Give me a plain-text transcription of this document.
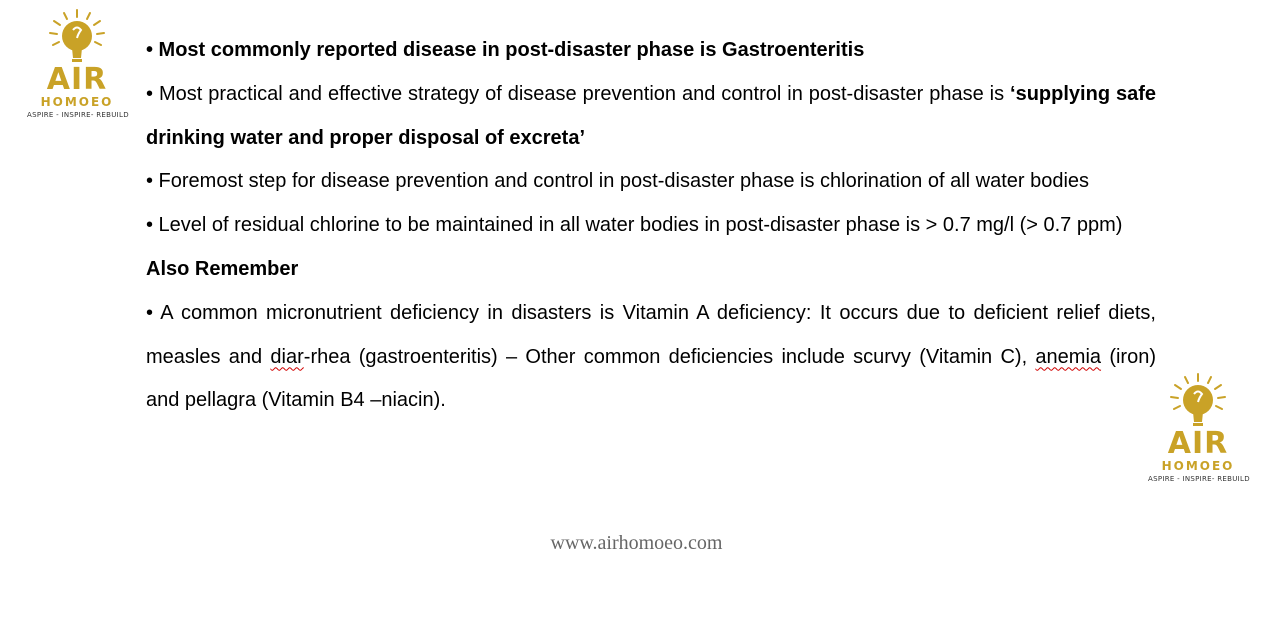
AIR
HOMOEO
ASPIRE - INSPIRE- REBUILD
AIR
HOMOEO
ASPIRE - INSPIRE- REBUILD

• Most commonly reported disease in post-disaster phase is Gastroenteritis

• Most practical and effective strategy of disease prevention and control in post-disaster phase is ‘supplying safe drinking water and proper disposal of excreta’

• Foremost step for disease prevention and control in post-disaster phase is chlorination of all water bodies

• Level of residual chlorine to be maintained in all water bodies in post-disaster phase is > 0.7 mg/l (> 0.7 ppm)

Also Remember

• A common micronutrient deficiency in disasters is Vitamin A deficiency: It occurs due to deficient relief diets, measles and diar-rhea (gastroenteritis) – Other common deficiencies include scurvy (Vitamin C), anemia (iron) and pellagra (Vitamin B4 –niacin).

www.airhomoeo.com
